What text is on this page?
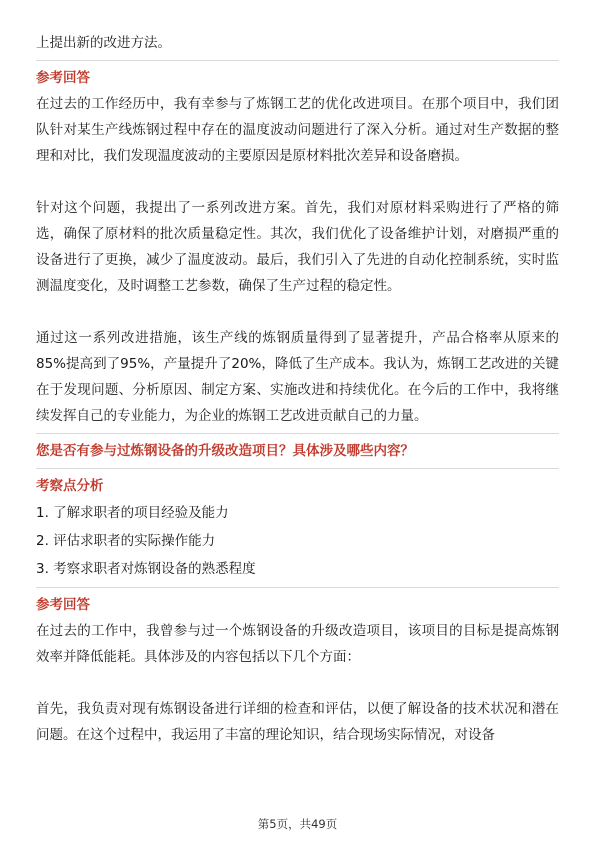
上提出新的改进方法。

参考回答

在过去的工作经历中，我有幸参与了炼钢工艺的优化改进项目。在那个项目中，我们团队针对某生产线炼钢过程中存在的温度波动问题进行了深入分析。通过对生产数据的整理和对比，我们发现温度波动的主要原因是原材料批次差异和设备磨损。

针对这个问题，我提出了一系列改进方案。首先，我们对原材料采购进行了严格的筛选，确保了原材料的批次质量稳定性。其次，我们优化了设备维护计划，对磨损严重的设备进行了更换，减少了温度波动。最后，我们引入了先进的自动化控制系统，实时监测温度变化，及时调整工艺参数，确保了生产过程的稳定性。

通过这一系列改进措施，该生产线的炼钢质量得到了显著提升，产品合格率从原来的85%提高到了95%，产量提升了20%，降低了生产成本。我认为，炼钢工艺改进的关键在于发现问题、分析原因、制定方案、实施改进和持续优化。在今后的工作中，我将继续发挥自己的专业能力，为企业的炼钢工艺改进贡献自己的力量。

您是否有参与过炼钢设备的升级改造项目？具体涉及哪些内容？

考察点分析

1. 了解求职者的项目经验及能力

2. 评估求职者的实际操作能力

3. 考察求职者对炼钢设备的熟悉程度

参考回答

在过去的工作中，我曾参与过一个炼钢设备的升级改造项目，该项目的目标是提高炼钢效率并降低能耗。具体涉及的内容包括以下几个方面：

首先，我负责对现有炼钢设备进行详细的检查和评估，以便了解设备的技术状况和潜在问题。在这个过程中，我运用了丰富的理论知识，结合现场实际情况，对设备

第5页，共49页
